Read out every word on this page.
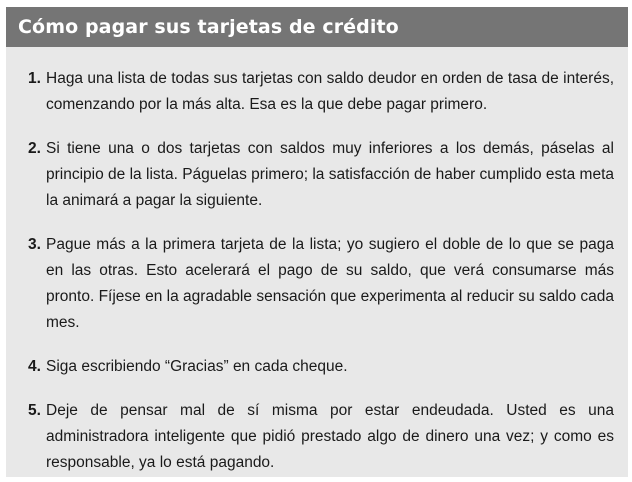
Cómo pagar sus tarjetas de crédito
1. Haga una lista de todas sus tarjetas con saldo deudor en orden de tasa de interés, comenzando por la más alta. Esa es la que debe pagar primero.
2. Si tiene una o dos tarjetas con saldos muy inferiores a los demás, páselas al principio de la lista. Páguelas primero; la satisfacción de haber cumplido esta meta la animará a pagar la siguiente.
3. Pague más a la primera tarjeta de la lista; yo sugiero el doble de lo que se paga en las otras. Esto acelerará el pago de su saldo, que verá consumarse más pronto. Fíjese en la agradable sensación que experimenta al reducir su saldo cada mes.
4. Siga escribiendo “Gracias” en cada cheque.
5. Deje de pensar mal de sí misma por estar endeudada. Usted es una administradora inteligente que pidió prestado algo de dinero una vez; y como es responsable, ya lo está pagando.
